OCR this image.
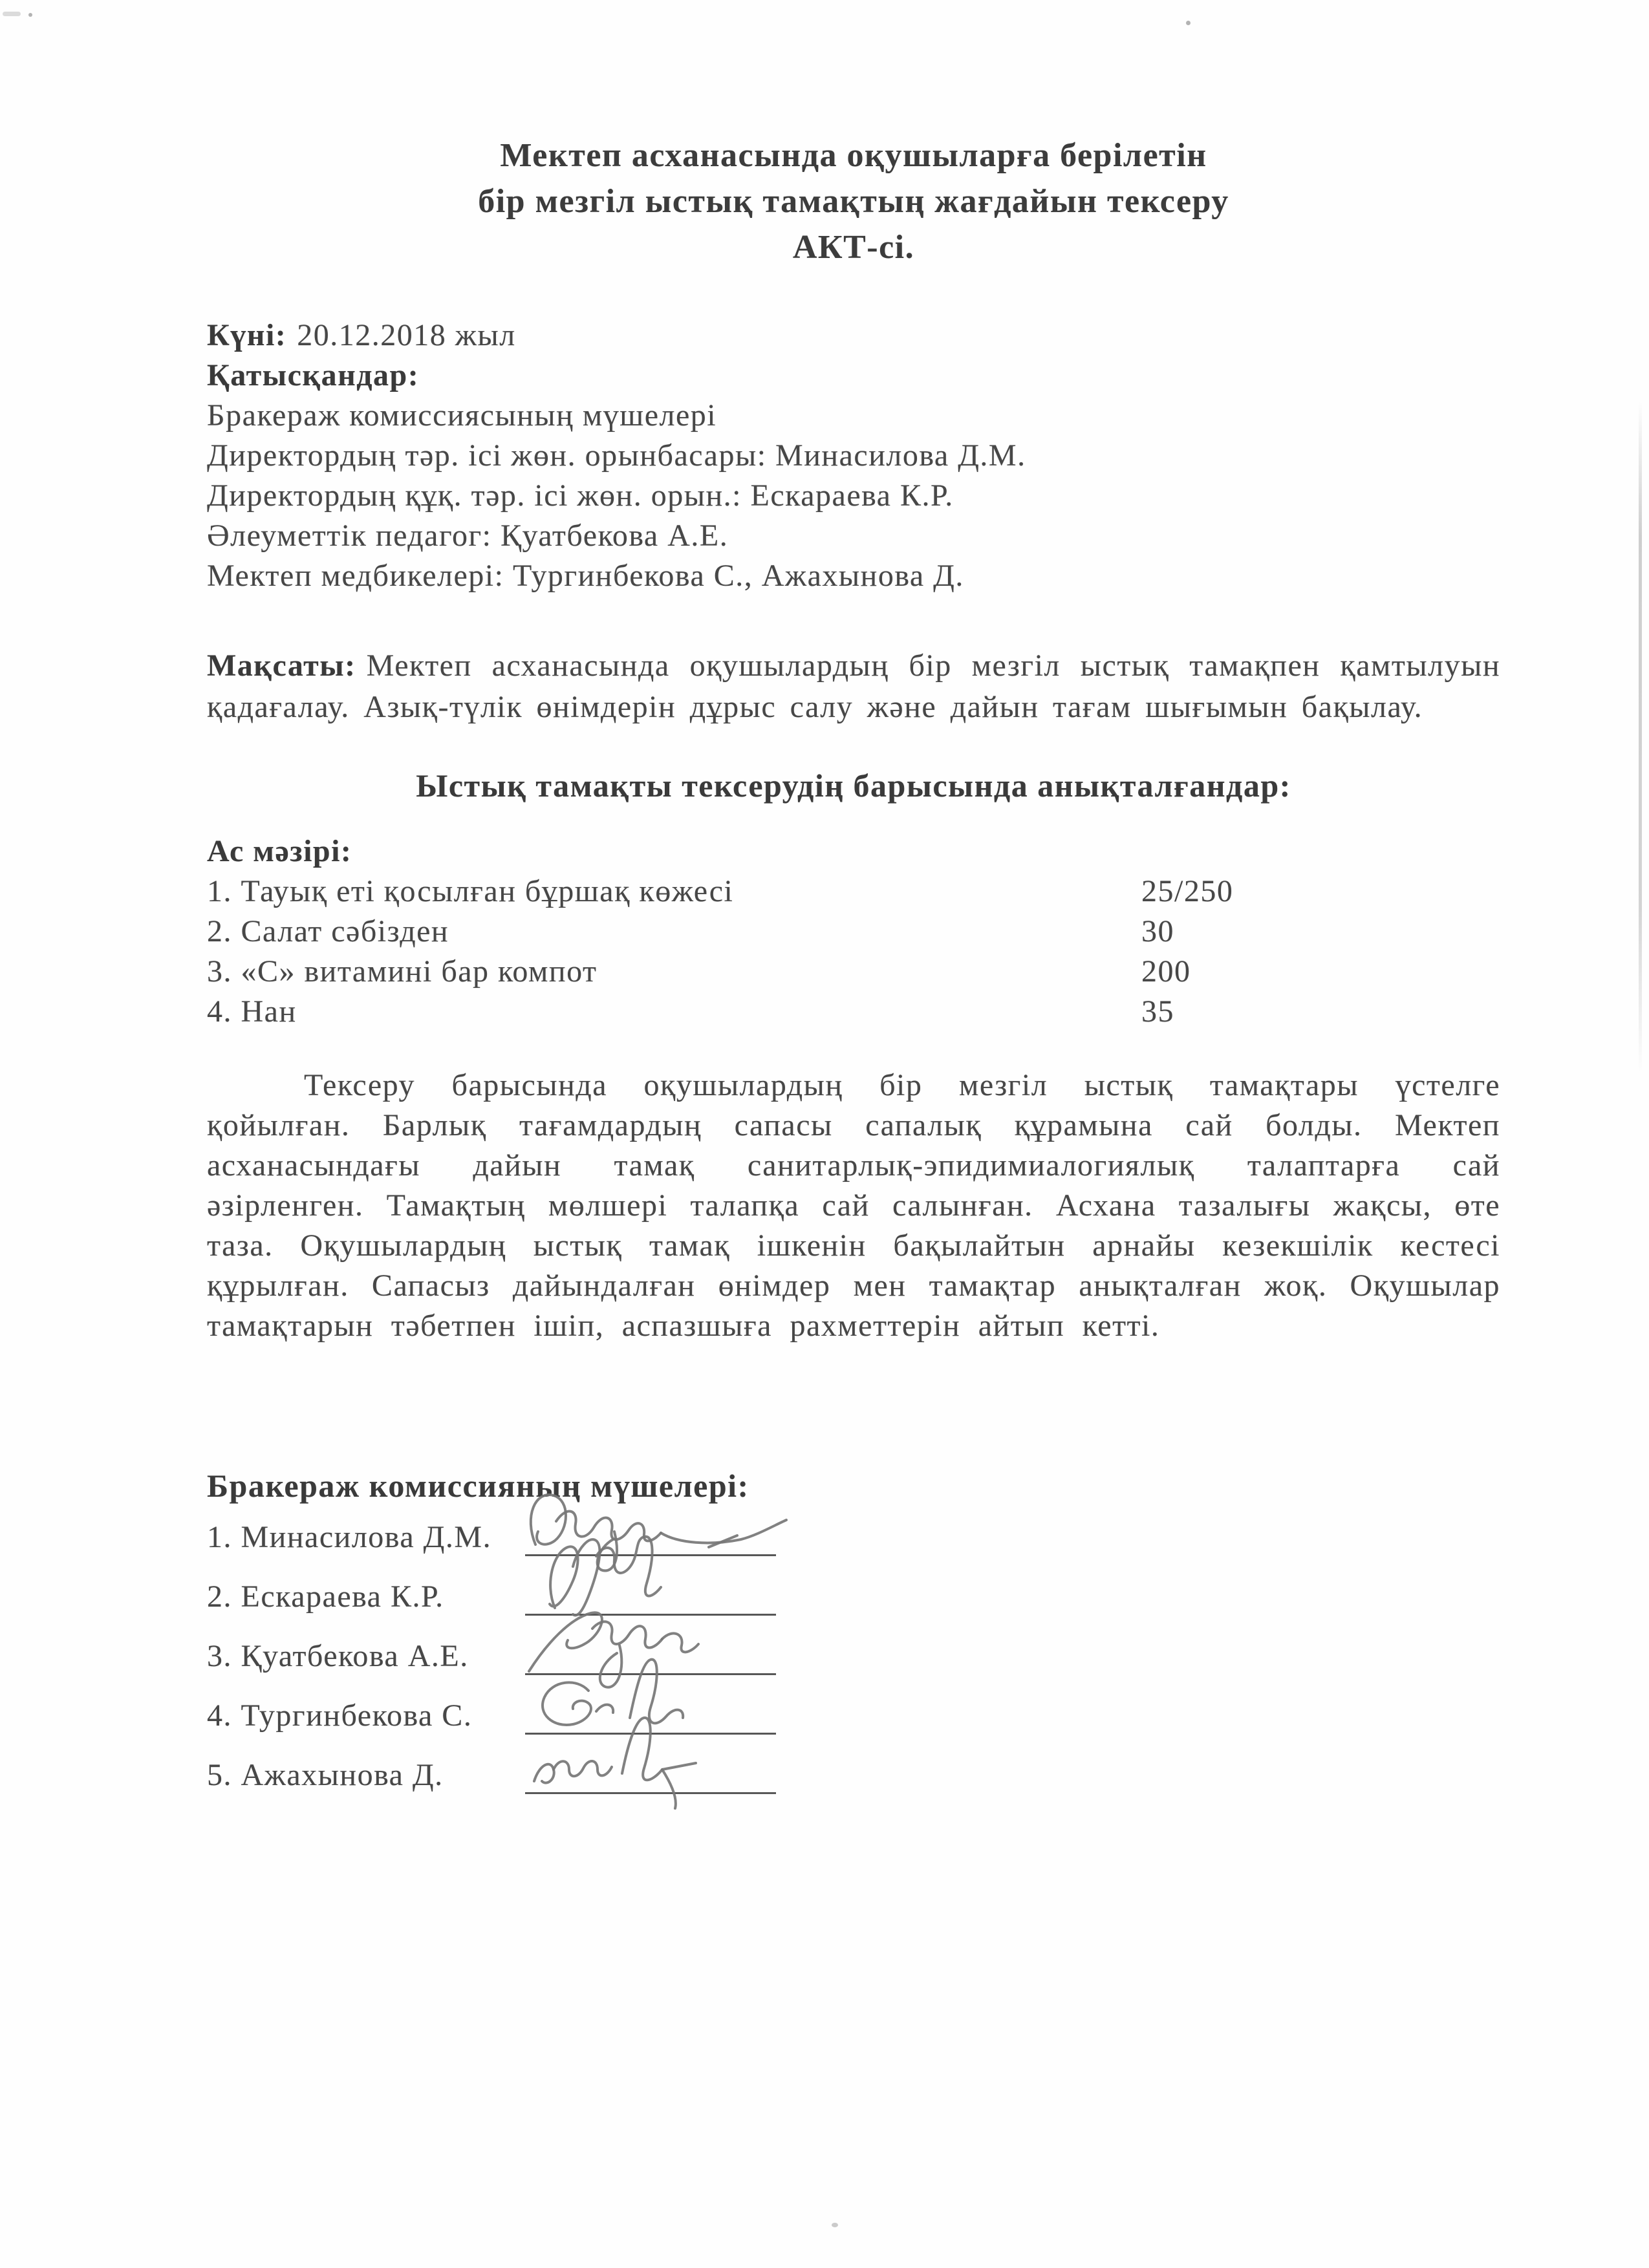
Мектеп асханасында оқушыларға берілетін
бір мезгіл ыстық тамақтың жағдайын тексеру
АКТ-сі.
Күні: 20.12.2018 жыл
Қатысқандар:
Бракераж комиссиясының мүшелері
Директордың тәр. ісі жөн. орынбасары: Минасилова Д.М.
Директордың құқ. тәр. ісі жөн. орын.: Ескараева К.Р.
Әлеуметтік педагог: Қуатбекова А.Е.
Мектеп медбикелері: Тургинбекова С., Ажахынова Д.

Мақсаты: Мектеп асханасында оқушылардың бір мезгіл ыстық тамақпен қамтылуын қадағалау. Азық-түлік өнімдерін дұрыс салу және дайын тағам шығымын бақылау.

Ыстық тамақты тексерудің барысында анықталғандар:
Ас мәзірі:
1. Тауық еті қосылған бұршақ көжесі	25/250
2. Салат сәбізден	30
3. «С» витамині бар компот	200
4. Нан	35

Тексеру барысында оқушылардың бір мезгіл ыстық тамақтары үстелге қойылған. Барлық тағамдардың сапасы сапалық құрамына сай болды. Мектеп асханасындағы дайын тамақ санитарлық-эпидимиалогиялық талаптарға сай әзірленген. Тамақтың мөлшері талапқа сай салынған. Асхана тазалығы жақсы, өте таза. Оқушылардың ыстық тамақ ішкенін бақылайтын арнайы кезекшілік кестесі құрылған. Сапасыз дайындалған өнімдер мен тамақтар анықталған жоқ. Оқушылар тамақтарын тәбетпен ішіп, аспазшыға рахметтерін айтып кетті.

Бракераж комиссияның мүшелері:
1. Минасилова Д.М.
2. Ескараева К.Р.
3. Қуатбекова А.Е.
4. Тургинбекова С.
5. Ажахынова Д.
